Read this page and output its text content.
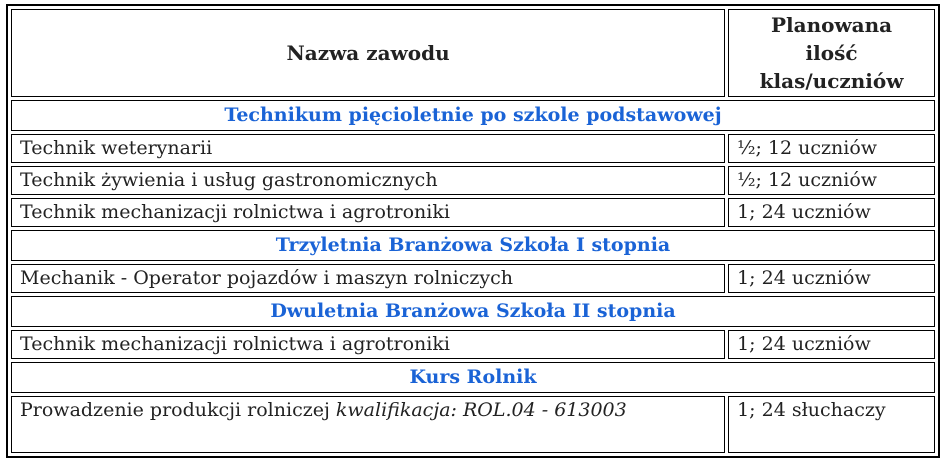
Nazwa zawodu	Planowana
ilość
klas/uczniów

Technikum pięcioletnie po szkole podstawowej	
Technik weterynarii	½; 12 uczniów
Technik żywienia i usług gastronomicznych	½; 12 uczniów
Technik mechanizacji rolnictwa i agrotroniki	1; 24 uczniów
Trzyletnia Branżowa Szkoła I stopnia	
Mechanik - Operator pojazdów i maszyn rolniczych	1; 24 uczniów
Dwuletnia Branżowa Szkoła II stopnia	
Technik mechanizacji rolnictwa i agrotroniki	1; 24 uczniów
Kurs Rolnik	
Prowadzenie produkcji rolniczej kwalifikacja: ROL.04 - 613003	1; 24 słuchaczy
